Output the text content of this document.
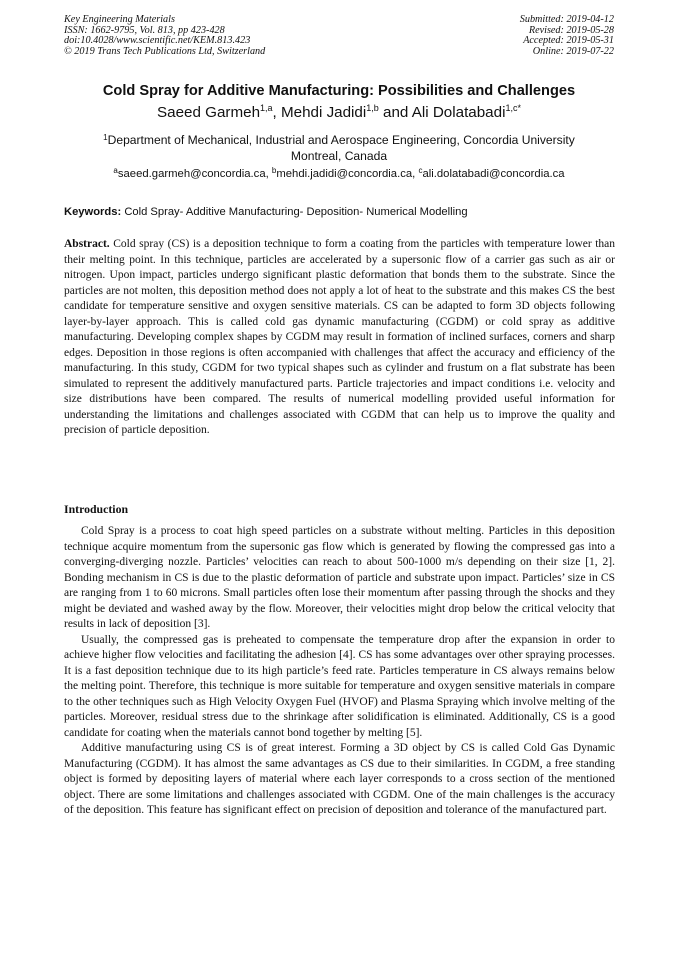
Key Engineering Materials
ISSN: 1662-9795, Vol. 813, pp 423-428
doi:10.4028/www.scientific.net/KEM.813.423
© 2019 Trans Tech Publications Ltd, Switzerland
Submitted: 2019-04-12
Revised: 2019-05-28
Accepted: 2019-05-31
Online: 2019-07-22
Cold Spray for Additive Manufacturing: Possibilities and Challenges
Saeed Garmeh$^{1,a}$, Mehdi Jadidi$^{1,b}$ and Ali Dolatabadi$^{1,c*}$
$^1$Department of Mechanical, Industrial and Aerospace Engineering, Concordia University
Montreal, Canada
$^a$saeed.garmeh@concordia.ca, $^b$mehdi.jadidi@concordia.ca, $^c$ali.dolatabadi@concordia.ca
Keywords: Cold Spray- Additive Manufacturing- Deposition- Numerical Modelling
Abstract. Cold spray (CS) is a deposition technique to form a coating from the particles with temperature lower than their melting point. In this technique, particles are accelerated by a supersonic flow of a carrier gas such as air or nitrogen. Upon impact, particles undergo significant plastic deformation that bonds them to the substrate. Since the particles are not molten, this deposition method does not apply a lot of heat to the substrate and this makes CS the best candidate for temperature sensitive and oxygen sensitive materials. CS can be adapted to form 3D objects following layer-by-layer approach. This is called cold gas dynamic manufacturing (CGDM) or cold spray as additive manufacturing. Developing complex shapes by CGDM may result in formation of inclined surfaces, corners and sharp edges. Deposition in those regions is often accompanied with challenges that affect the accuracy and efficiency of the manufacturing. In this study, CGDM for two typical shapes such as cylinder and frustum on a flat substrate has been simulated to represent the additively manufactured parts. Particle trajectories and impact conditions i.e. velocity and size distributions have been compared. The results of numerical modelling provided useful information for understanding the limitations and challenges associated with CGDM that can help us to improve the quality and precision of particle deposition.
Introduction

Cold Spray is a process to coat high speed particles on a substrate without melting. Particles in this deposition technique acquire momentum from the supersonic gas flow which is generated by flowing the compressed gas into a converging-diverging nozzle. Particles’ velocities can reach to about 500-1000 m/s depending on their size [1, 2]. Bonding mechanism in CS is due to the plastic deformation of particle and substrate upon impact. Particles’ size in CS are ranging from 1 to 60 microns. Small particles often lose their momentum after passing through the shocks and they might be deviated and washed away by the flow. Moreover, their velocities might drop below the critical velocity that results in lack of deposition [3].

Usually, the compressed gas is preheated to compensate the temperature drop after the expansion in order to achieve higher flow velocities and facilitating the adhesion [4]. CS has some advantages over other spraying processes. It is a fast deposition technique due to its high particle’s feed rate. Particles temperature in CS always remains below the melting point. Therefore, this technique is more suitable for temperature and oxygen sensitive materials in compare to the other techniques such as High Velocity Oxygen Fuel (HVOF) and Plasma Spraying which involve melting of the particles. Moreover, residual stress due to the shrinkage after solidification is eliminated. Additionally, CS is a good candidate for coating when the materials cannot bond together by melting [5].

Additive manufacturing using CS is of great interest. Forming a 3D object by CS is called Cold Gas Dynamic Manufacturing (CGDM). It has almost the same advantages as CS due to their similarities. In CGDM, a free standing object is formed by depositing layers of material where each layer corresponds to a cross section of the mentioned object. There are some limitations and challenges associated with CGDM. One of the main challenges is the accuracy of the deposition. This feature has significant effect on precision of deposition and tolerance of the manufactured part.
